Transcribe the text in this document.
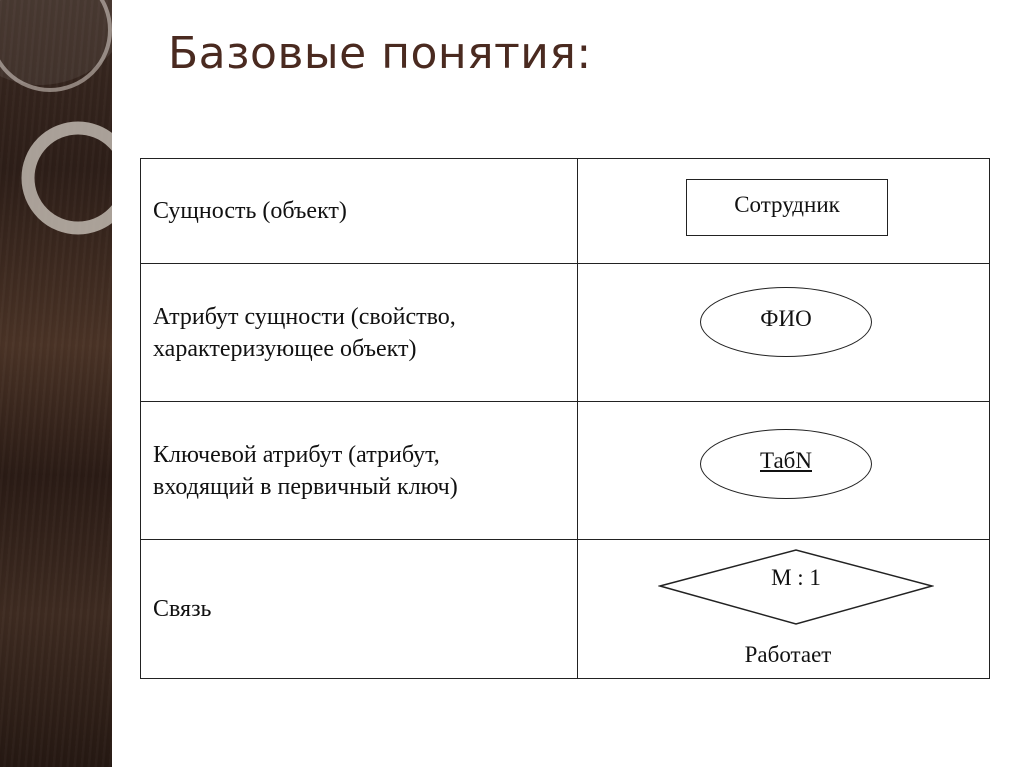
Базовые понятия:
Сущность (объект)	Сотрудник

Атрибут сущности (свойство,
характеризующее объект)	ФИО

Ключевой атрибут (атрибут,
входящий в первичный ключ)	ТабN

Связь	М : 1
Работает
